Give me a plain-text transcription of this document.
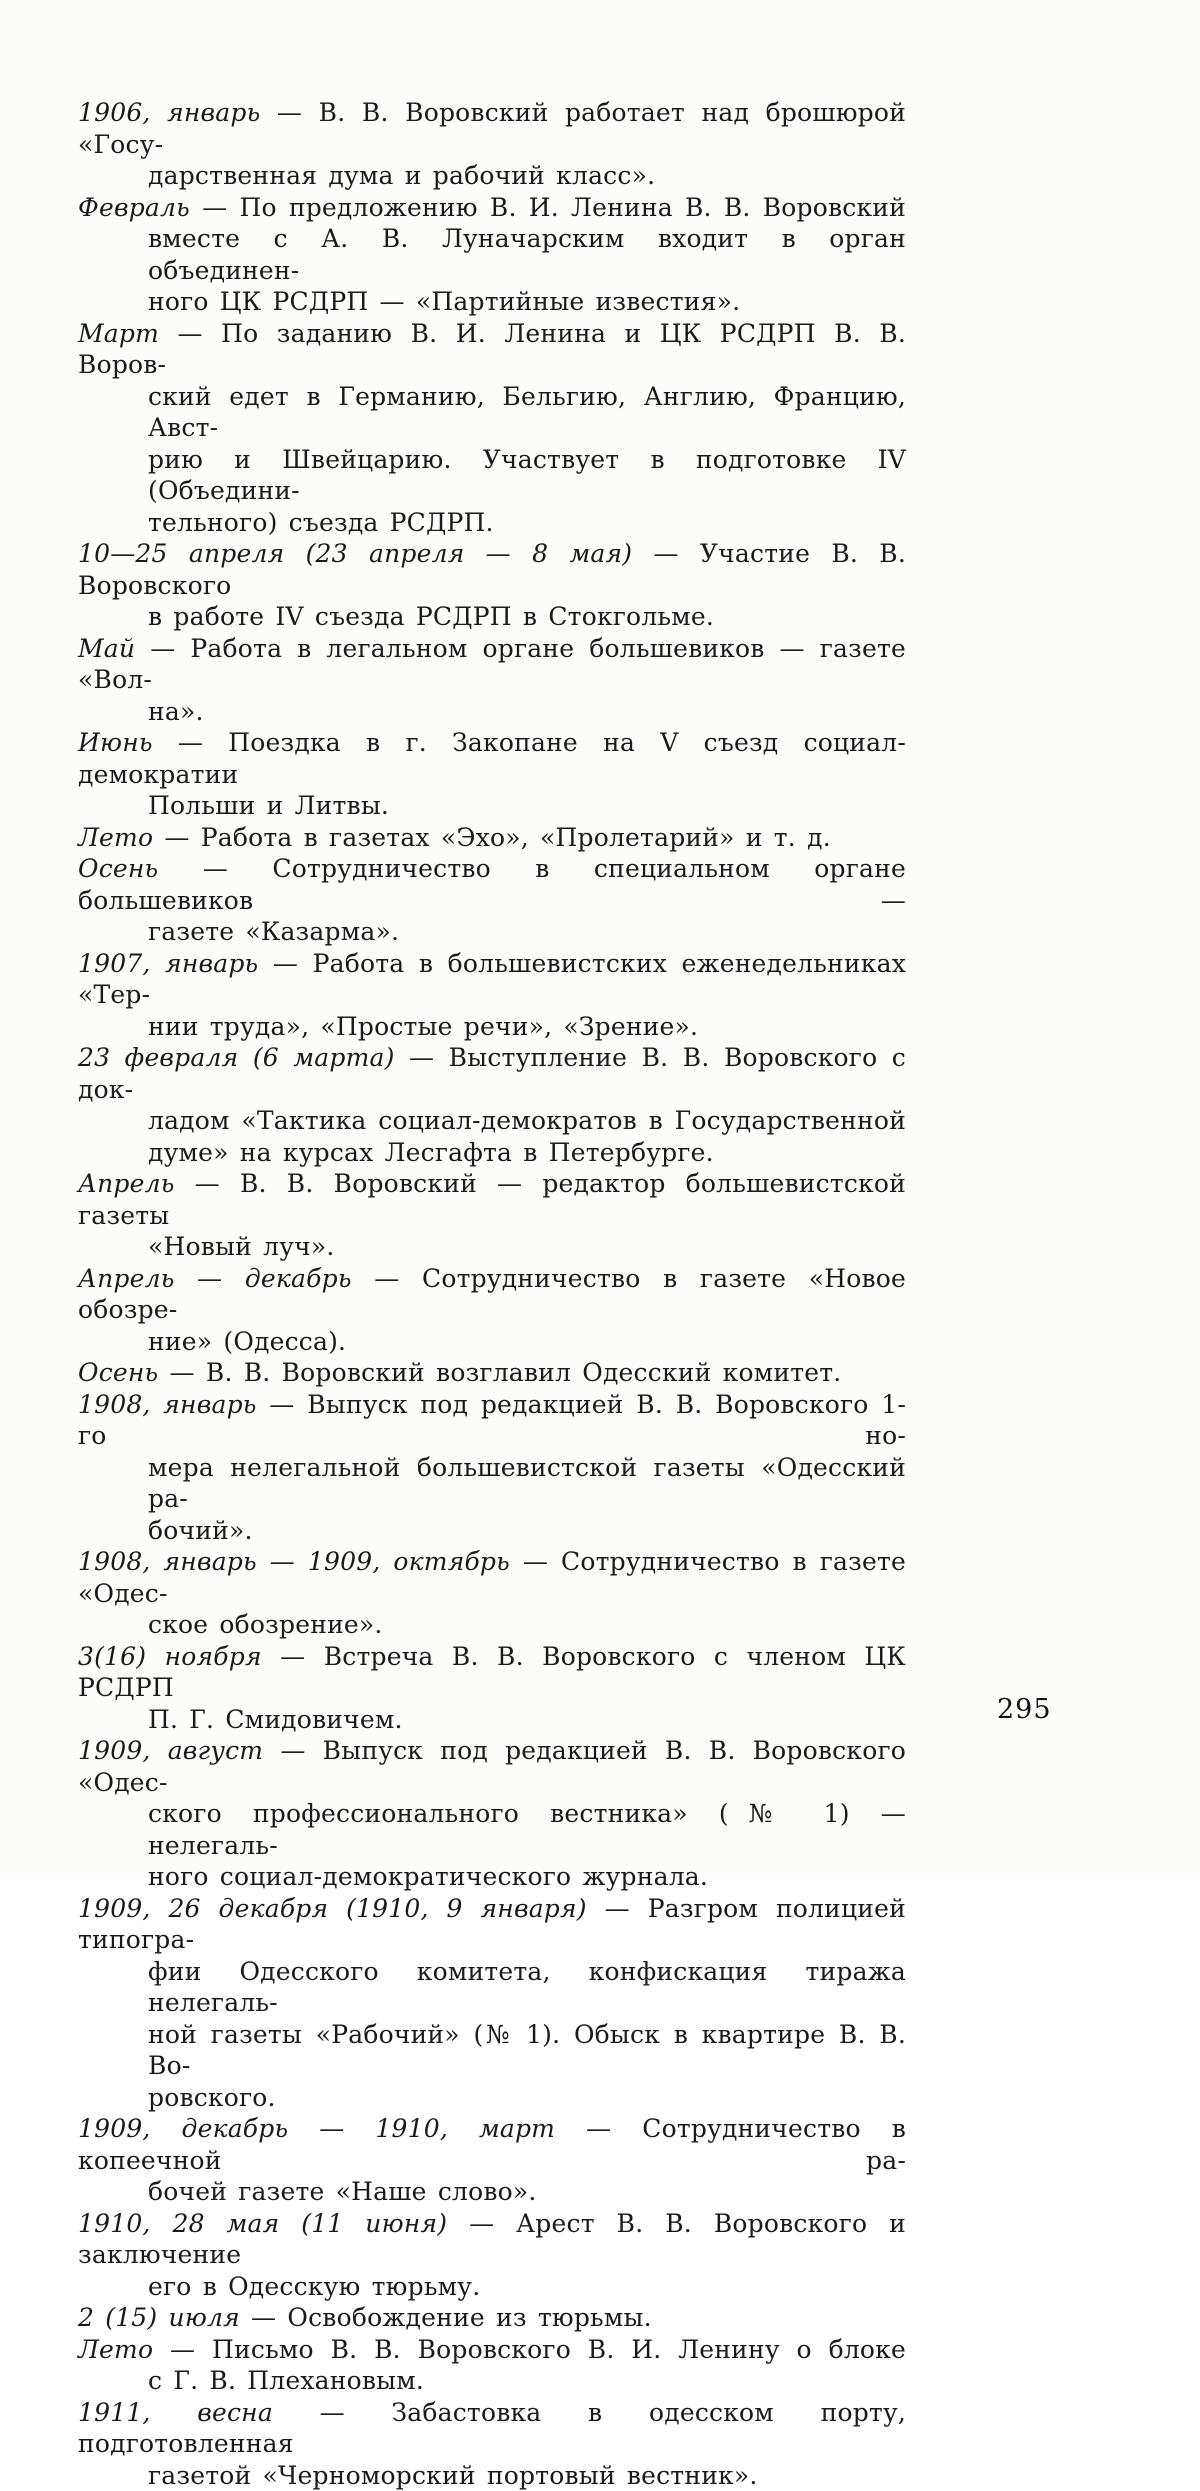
1906, январь — В. В. Воровский работает над брошюрой «Госу-
дарственная дума и рабочий класс».
Февраль — По предложению В. И. Ленина В. В. Воровский
вместе с А. В. Луначарским входит в орган объединен-
ного ЦК РСДРП — «Партийные известия».
Март — По заданию В. И. Ленина и ЦК РСДРП В. В. Воров-
ский едет в Германию, Бельгию, Англию, Францию, Авст-
рию и Швейцарию. Участвует в подготовке IV (Объедини-
тельного) съезда РСДРП.
10—25 апреля (23 апреля — 8 мая) — Участие В. В. Воровского
в работе IV съезда РСДРП в Стокгольме.
Май — Работа в легальном органе большевиков — газете «Вол-
на».
Июнь — Поездка в г. Закопане на V съезд социал-демократии
Польши и Литвы.
Лето — Работа в газетах «Эхо», «Пролетарий» и т. д.
Осень — Сотрудничество в специальном органе большевиков —
газете «Казарма».
1907, январь — Работа в большевистских еженедельниках «Тер-
нии труда», «Простые речи», «Зрение».
23 февраля (6 марта) — Выступление В. В. Воровского с док-
ладом «Тактика социал-демократов в Государственной
думе» на курсах Лесгафта в Петербурге.
Апрель — В. В. Воровский — редактор большевистской газеты
«Новый луч».
Апрель — декабрь — Сотрудничество в газете «Новое обозре-
ние» (Одесса).
Осень — В. В. Воровский возглавил Одесский комитет.
1908, январь — Выпуск под редакцией В. В. Воровского 1-го но-
мера нелегальной большевистской газеты «Одесский ра-
бочий».
1908, январь — 1909, октябрь — Сотрудничество в газете «Одес-
ское обозрение».
3(16) ноября — Встреча В. В. Воровского с членом ЦК РСДРП
П. Г. Смидовичем.
1909, август — Выпуск под редакцией В. В. Воровского «Одес-
ского профессионального вестника» (№ 1) — нелегаль-
ного социал-демократического журнала.
1909, 26 декабря (1910, 9 января) — Разгром полицией типогра-
фии Одесского комитета, конфискация тиража нелегаль-
ной газеты «Рабочий» (№ 1). Обыск в квартире В. В. Во-
ровского.
1909, декабрь — 1910, март — Сотрудничество в копеечной ра-
бочей газете «Наше слово».
1910, 28 мая (11 июня) — Арест В. В. Воровского и заключение
его в Одесскую тюрьму.
2 (15) июля — Освобождение из тюрьмы.
Лето — Письмо В. В. Воровского В. И. Ленину о блоке
с Г. В. Плехановым.
1911, весна — Забастовка в одесском порту, подготовленная
газетой «Черноморский портовый вестник».
295
